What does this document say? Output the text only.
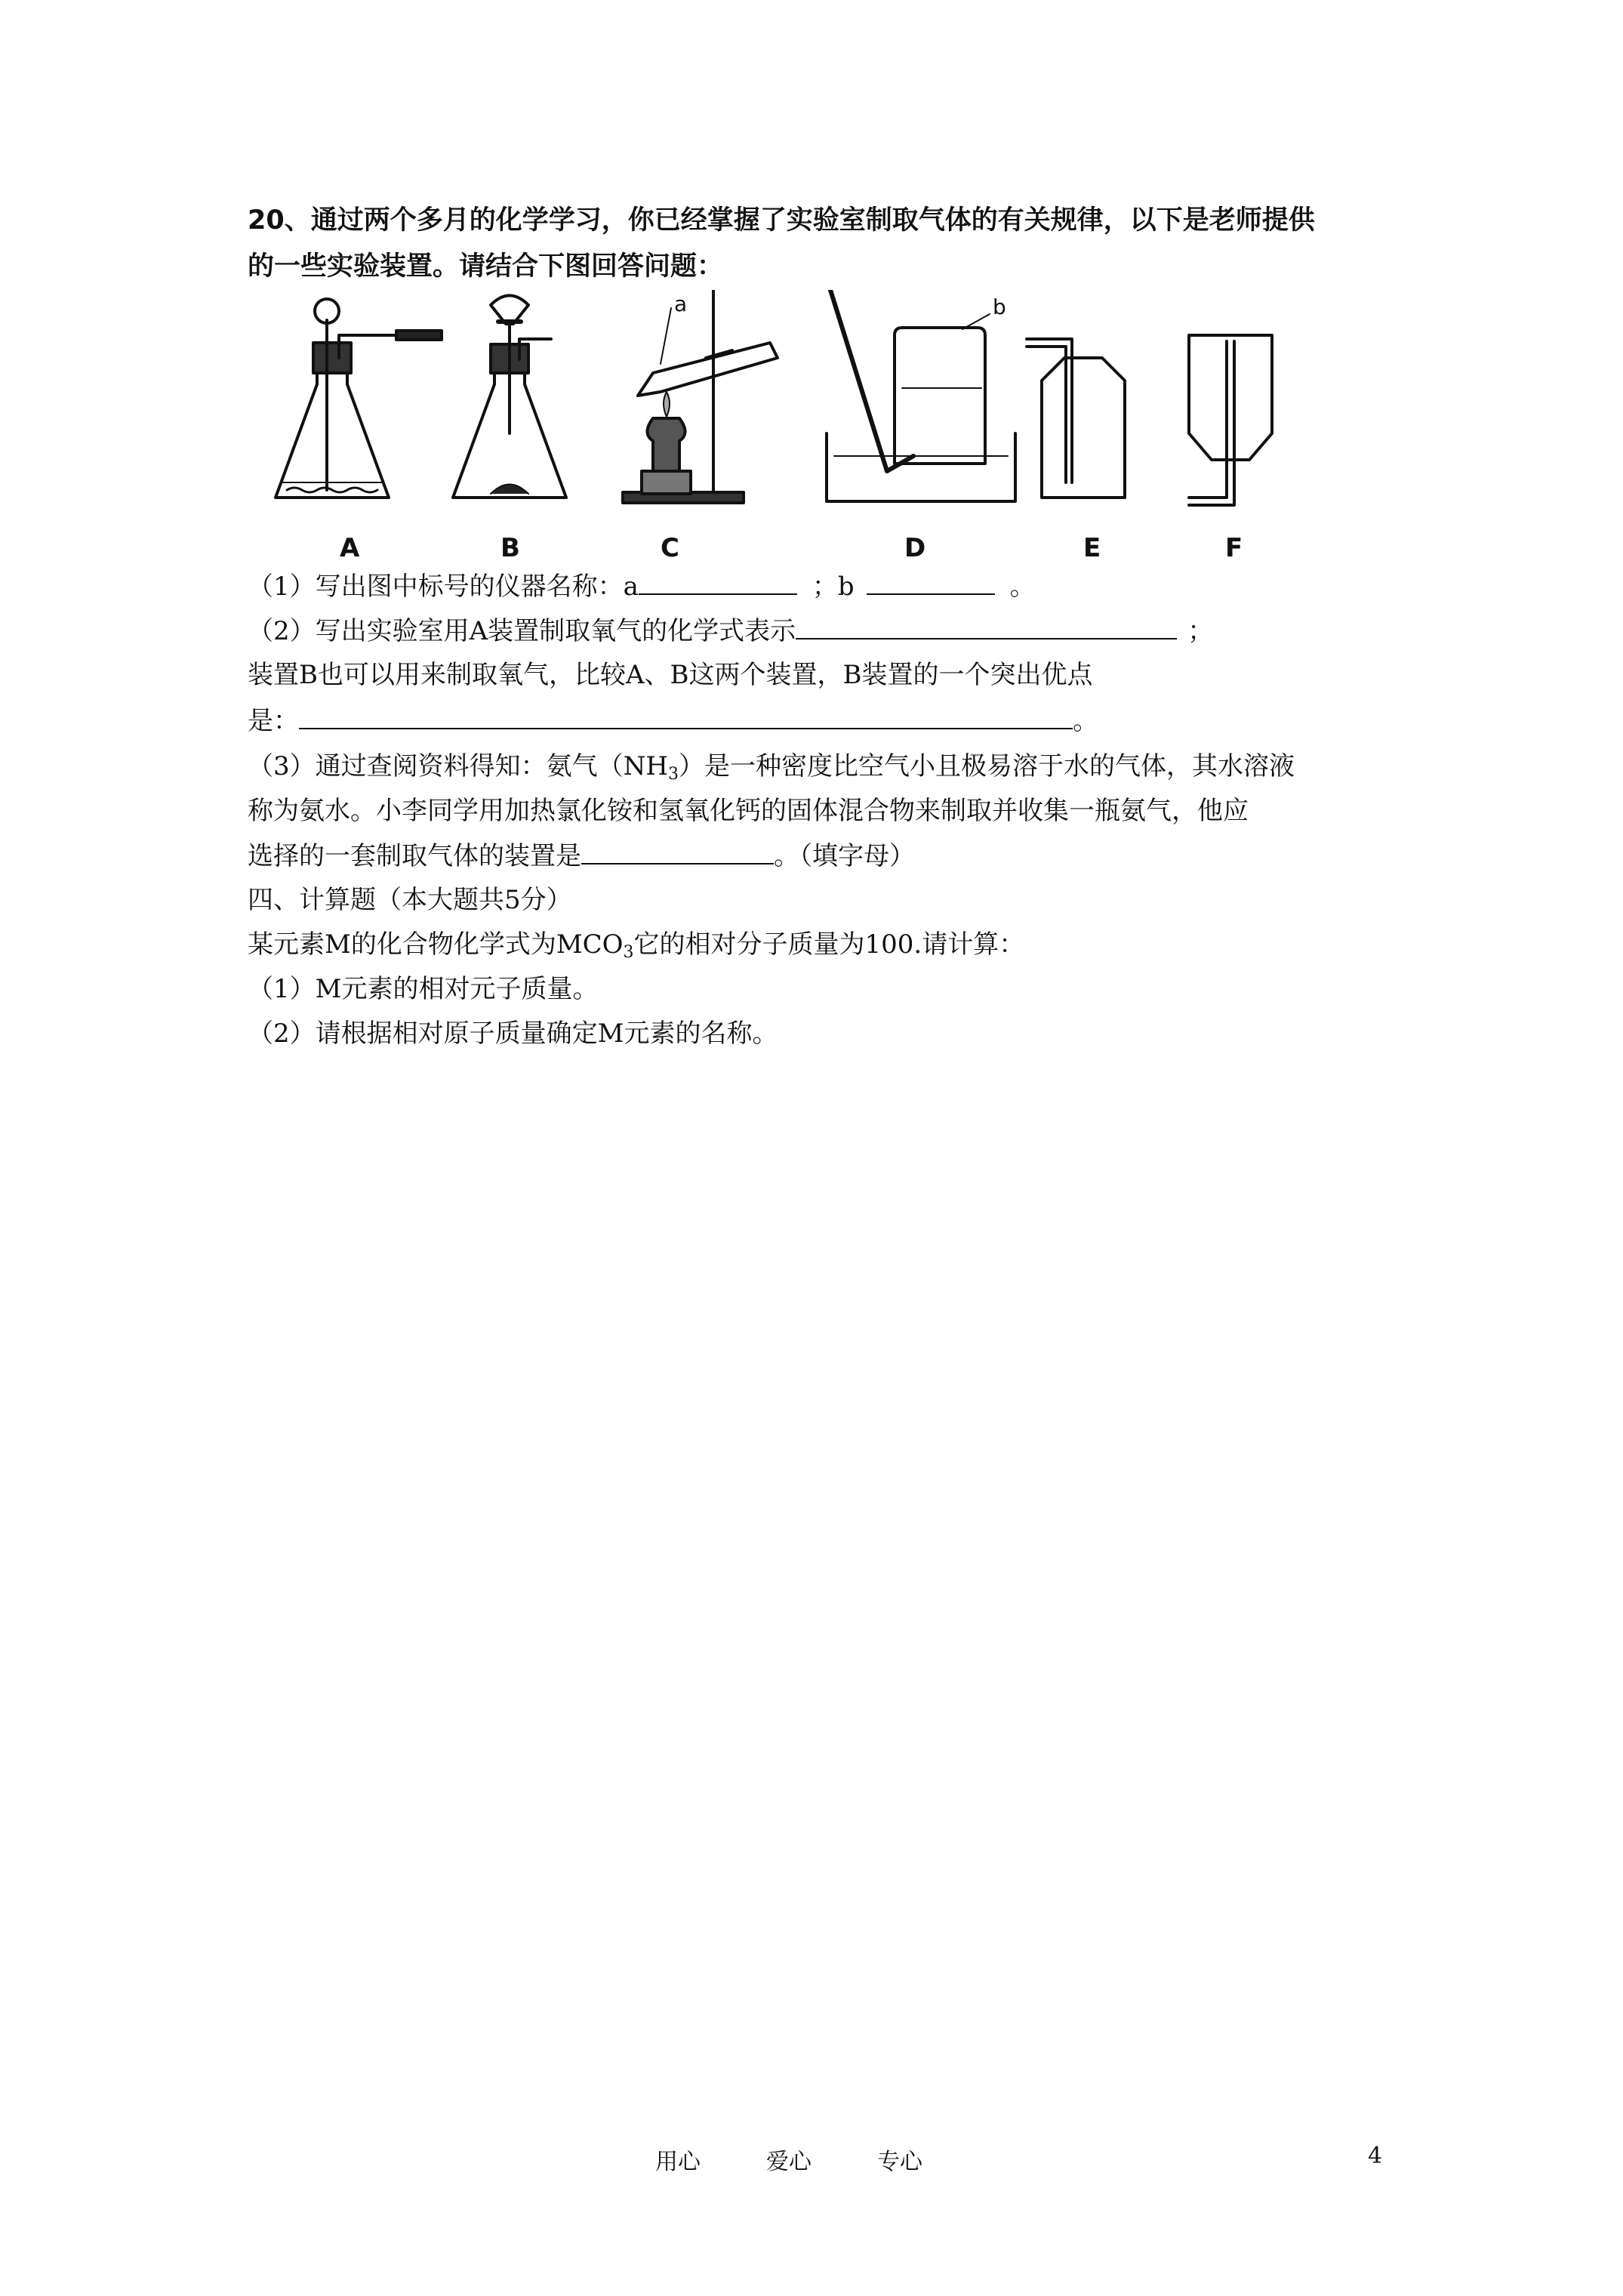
20、通过两个多月的化学学习，你已经掌握了实验室制取气体的有关规律，以下是老师提供
的一些实验装置。请结合下图回答问题：
a	b
A	B	C	D	E	F
（1）写出图中标号的仪器名称：a	；b	。
（2）写出实验室用A装置制取氧气的化学式表示	；
装置B也可以用来制取氧气，比较A、B这两个装置，B装置的一个突出优点
是：	。
（3）通过查阅资料得知：氨气$(NH_3)$是一种密度比空气小且极易溶于水的气体，其水溶液
称为氨水。小李同学用加热氯化铵和氢氧化钙的固体混合物来制取并收集一瓶氨气，他应
选择的一套制取气体的装置是	。（填字母）
四、计算题（本大题共5分）
某元素M的化合物化学式为$MCO_3$它的相对分子质量为100.请计算：
（1）M元素的相对元子质量。
（2）请根据相对原子质量确定M元素的名称。
用心	爱心	专心	4
